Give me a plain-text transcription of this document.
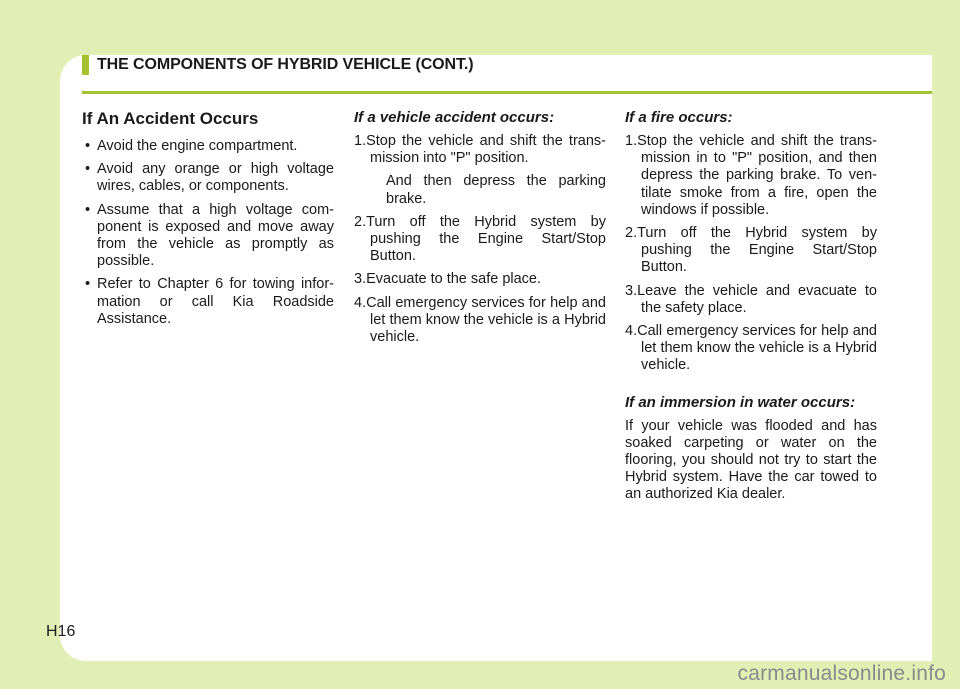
THE COMPONENTS OF HYBRID VEHICLE (CONT.)
If An Accident Occurs
• Avoid the engine compartment.
• Avoid any orange or high voltage wires, cables, or components.
• Assume that a high voltage com- ponent is exposed and move away from the vehicle as promptly as possible.
• Refer to Chapter 6 for towing infor- mation or call Kia Roadside Assistance.
If a vehicle accident occurs:
1.Stop the vehicle and shift the trans- mission into "P" position.
And then depress the parking brake.
2.Turn off the Hybrid system by pushing the Engine Start/Stop Button.
3.Evacuate to the safe place.
4.Call emergency services for help and let them know the vehicle is a Hybrid vehicle.
If a fire occurs:
1.Stop the vehicle and shift the trans- mission in to "P" position, and then depress the parking brake. To ven- tilate smoke from a fire, open the windows if possible.
2.Turn off the Hybrid system by pushing the Engine Start/Stop Button.
3.Leave the vehicle and evacuate to the safety place.
4.Call emergency services for help and let them know the vehicle is a Hybrid vehicle.
If an immersion in water occurs:

If your vehicle was flooded and has soaked carpeting or water on the flooring, you should not try to start the Hybrid system. Have the car towed to an authorized Kia dealer.

H16
carmanualsonline.info
